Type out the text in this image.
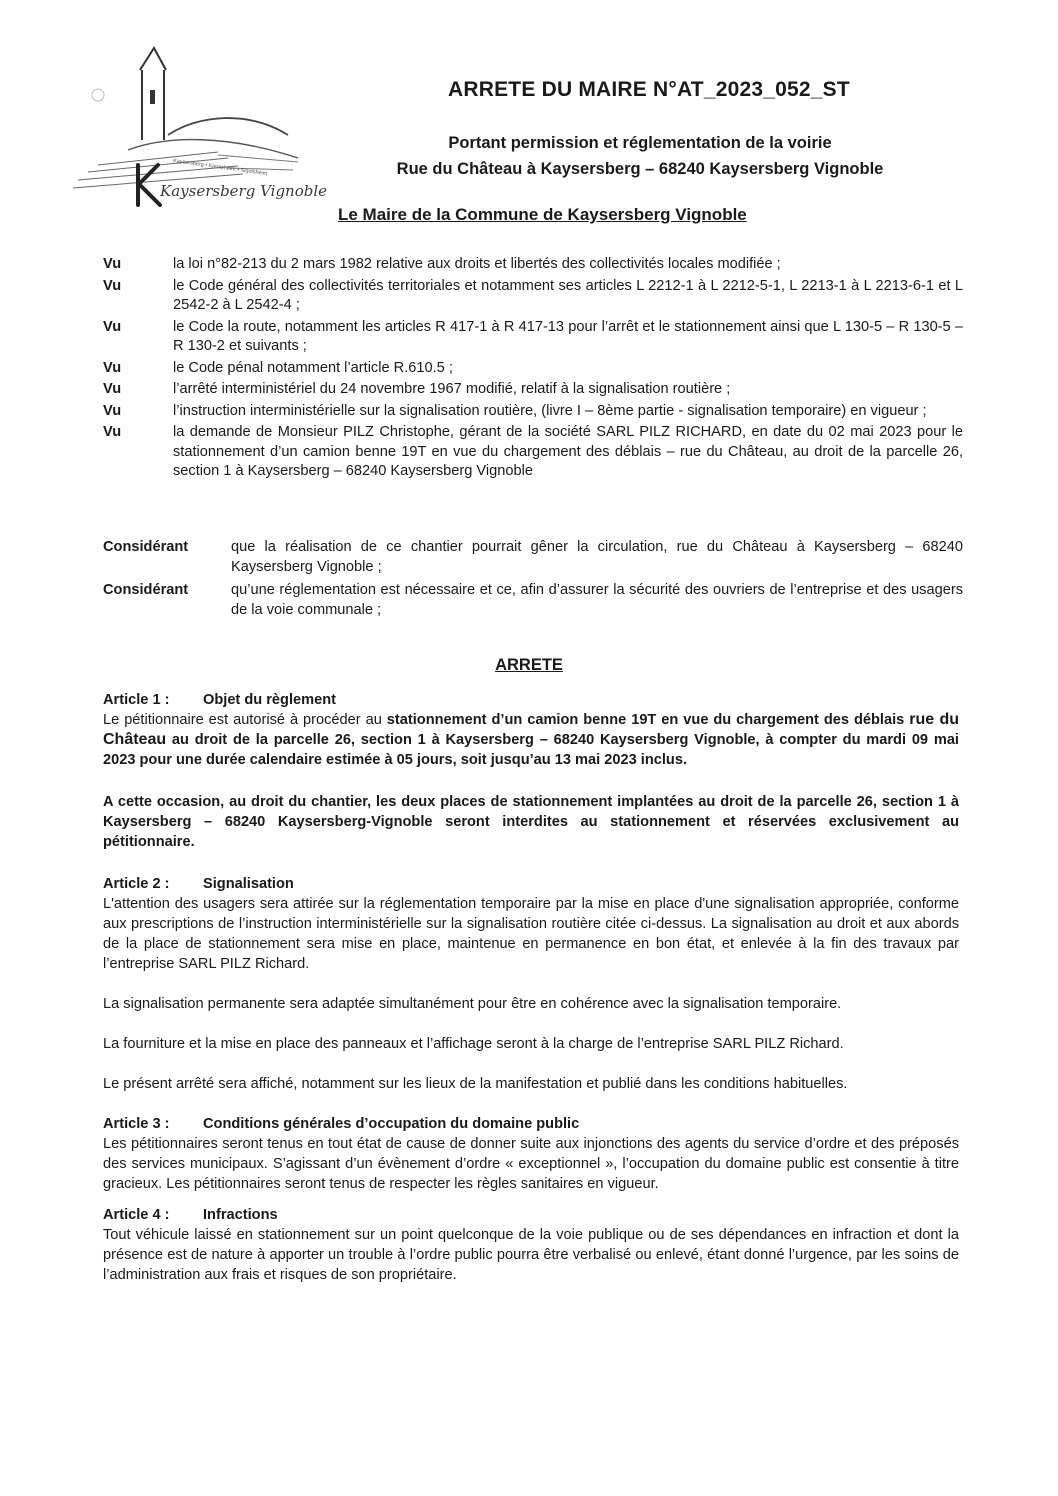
Kaysersberg • Kientzheim • Sigolsheim
Kaysersberg Vignoble
ARRETE DU MAIRE N°AT_2023_052_ST
Portant permission et réglementation de la voirie
Rue du Château à Kaysersberg – 68240 Kaysersberg Vignoble
Le Maire de la Commune de Kaysersberg Vignoble
Vu	la loi n°82-213 du 2 mars 1982 relative aux droits et libertés des collectivités locales modifiée ;
Vu	le Code général des collectivités territoriales et notamment ses articles L 2212-1 à L 2212-5-1, L 2213-1 à L 2213-6-1 et L 2542-2 à L 2542-4 ;
Vu	le Code la route, notamment les articles R 417-1 à R 417-13 pour l’arrêt et le stationnement ainsi que L 130-5 – R 130-5 – R 130-2 et suivants ;
Vu	le Code pénal notamment l’article R.610.5 ;
Vu	l’arrêté interministériel du 24 novembre 1967 modifié, relatif à la signalisation routière ;
Vu	l’instruction interministérielle sur la signalisation routière, (livre I – 8ème partie - signalisation temporaire) en vigueur ;
Vu	la demande de Monsieur PILZ Christophe, gérant de la société SARL PILZ RICHARD, en date du 02 mai 2023 pour le stationnement d’un camion benne 19T en vue du chargement des déblais – rue du Château, au droit de la parcelle 26, section 1 à Kaysersberg – 68240 Kaysersberg Vignoble
Considérant	que la réalisation de ce chantier pourrait gêner la circulation, rue du Château à Kaysersberg – 68240 Kaysersberg Vignoble ;
Considérant	qu’une réglementation est nécessaire et ce, afin d’assurer la sécurité des ouvriers de l’entreprise et des usagers de la voie communale ;
ARRETE
Article 1 :	Objet du règlement

Le pétitionnaire est autorisé à procéder au stationnement d’un camion benne 19T en vue du chargement des déblais rue du Château au droit de la parcelle 26, section 1 à Kaysersberg – 68240 Kaysersberg Vignoble, à compter du mardi 09 mai 2023 pour une durée calendaire estimée à 05 jours, soit jusqu’au 13 mai 2023 inclus.

A cette occasion, au droit du chantier, les deux places de stationnement implantées au droit de la parcelle 26, section 1 à Kaysersberg – 68240 Kaysersberg-Vignoble seront interdites au stationnement et réservées exclusivement au pétitionnaire.

Article 2 :	Signalisation

L'attention des usagers sera attirée sur la réglementation temporaire par la mise en place d'une signalisation appropriée, conforme aux prescriptions de l’instruction interministérielle sur la signalisation routière citée ci-dessus. La signalisation au droit et aux abords de la place de stationnement sera mise en place, maintenue en permanence en bon état, et enlevée à la fin des travaux par l’entreprise SARL PILZ Richard.

La signalisation permanente sera adaptée simultanément pour être en cohérence avec la signalisation temporaire.

La fourniture et la mise en place des panneaux et l’affichage seront à la charge de l’entreprise SARL PILZ Richard.

Le présent arrêté sera affiché, notamment sur les lieux de la manifestation et publié dans les conditions habituelles.

Article 3 :	Conditions générales d’occupation du domaine public

Les pétitionnaires seront tenus en tout état de cause de donner suite aux injonctions des agents du service d’ordre et des préposés des services municipaux. S’agissant d’un évènement d’ordre « exceptionnel », l’occupation du domaine public est consentie à titre gracieux. Les pétitionnaires seront tenus de respecter les règles sanitaires en vigueur.

Article 4 :	Infractions

Tout véhicule laissé en stationnement sur un point quelconque de la voie publique ou de ses dépendances en infraction et dont la présence est de nature à apporter un trouble à l’ordre public pourra être verbalisé ou enlevé, étant donné l’urgence, par les soins de l’administration aux frais et risques de son propriétaire.
